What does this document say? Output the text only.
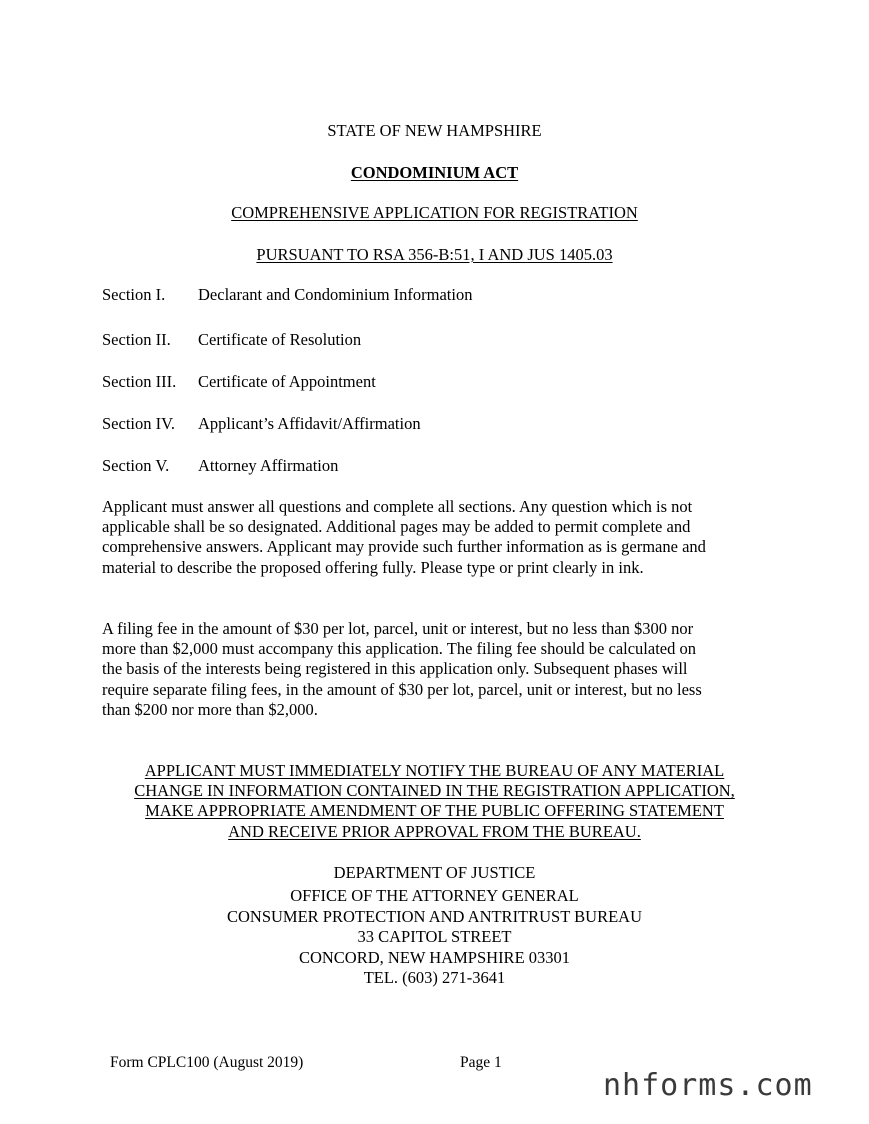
STATE OF NEW HAMPSHIRE
CONDOMINIUM ACT
COMPREHENSIVE APPLICATION FOR REGISTRATION
PURSUANT TO RSA 356-B:51, I AND JUS 1405.03
Section I.	Declarant and Condominium Information
Section II.	Certificate of Resolution
Section III.	Certificate of Appointment
Section IV.	Applicant’s Affidavit/Affirmation
Section V.	Attorney Affirmation
Applicant must answer all questions and complete all sections. Any question which is not
applicable shall be so designated. Additional pages may be added to permit complete and
comprehensive answers. Applicant may provide such further information as is germane and
material to describe the proposed offering fully. Please type or print clearly in ink.
A filing fee in the amount of $30 per lot, parcel, unit or interest, but no less than $300 nor
more than $2,000 must accompany this application. The filing fee should be calculated on
the basis of the interests being registered in this application only. Subsequent phases will
require separate filing fees, in the amount of $30 per lot, parcel, unit or interest, but no less
than $200 nor more than $2,000.
APPLICANT MUST IMMEDIATELY NOTIFY THE BUREAU OF ANY MATERIAL
CHANGE IN INFORMATION CONTAINED IN THE REGISTRATION APPLICATION,
MAKE APPROPRIATE AMENDMENT OF THE PUBLIC OFFERING STATEMENT
AND RECEIVE PRIOR APPROVAL FROM THE BUREAU.
DEPARTMENT OF JUSTICE
OFFICE OF THE ATTORNEY GENERAL
CONSUMER PROTECTION AND ANTRITRUST BUREAU
33 CAPITOL STREET
CONCORD, NEW HAMPSHIRE 03301
TEL. (603) 271-3641
Form CPLC100 (August 2019)	Page 1
nhforms.com
